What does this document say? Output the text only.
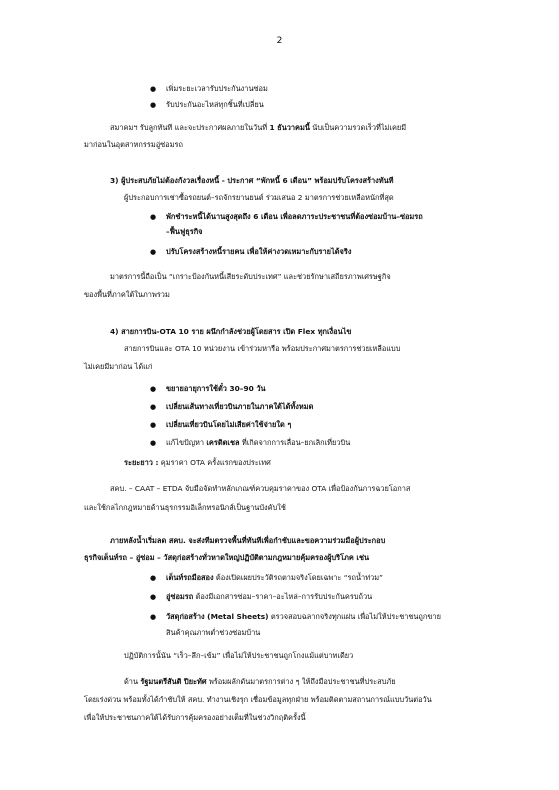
2
●
เพิ่มระยะเวลารับประกันงานซ่อม
●
รับประกันอะไหล่ทุกชิ้นที่เปลี่ยน
สมาคมฯ รับลูกทันที และจะประกาศผลภายในวันที่ 1 ธันวาคมนี้ นับเป็นความรวดเร็วที่ไม่เคยมี
มาก่อนในอุตสาหกรรมอู่ซ่อมรถ
3) ผู้ประสบภัยไม่ต้องกังวลเรื่องหนี้ - ประกาศ “พักหนี้ 6 เดือน” พร้อมปรับโครงสร้างทันที
ผู้ประกอบการเช่าซื้อรถยนต์–รถจักรยานยนต์ ร่วมเสนอ 2 มาตรการช่วยเหลือหนักที่สุด
●
พักชำระหนี้ได้นานสูงสุดถึง 6 เดือน เพื่อลดภาระประชาชนที่ต้องซ่อมบ้าน–ซ่อมรถ
–ฟื้นฟูธุรกิจ
●
ปรับโครงสร้างหนี้รายคน เพื่อให้ค่างวดเหมาะกับรายได้จริง
มาตรการนี้ถือเป็น “เกราะป้องกันหนี้เสียระดับประเทศ” และช่วยรักษาเสถียรภาพเศรษฐกิจ
ของพื้นที่ภาคใต้ในภาพรวม
4) สายการบิน-OTA 10 ราย ผนึกกำลังช่วยผู้โดยสาร เปิด Flex ทุกเงื่อนไข
สายการบินและ OTA 10 หน่วยงาน เข้าร่วมหารือ พร้อมประกาศมาตรการช่วยเหลือแบบ
ไม่เคยมีมาก่อน ได้แก่
●
ขยายอายุการใช้ตั๋ว 30–90 วัน
●
เปลี่ยนเส้นทางเที่ยวบินภายในภาคใต้ได้ทั้งหมด
●
เปลี่ยนเที่ยวบินโดยไม่เสียค่าใช้จ่ายใด ๆ
●
แก้ไขปัญหา เครดิตเชล ที่เกิดจากการเลื่อน–ยกเลิกเที่ยวบิน
ระยะยาว : คุมราคา OTA ครั้งแรกของประเทศ
สคบ. – CAAT – ETDA จับมือจัดทำหลักเกณฑ์ควบคุมราคาของ OTA เพื่อป้องกันการฉวยโอกาส
และใช้กลไกกฎหมายด้านธุรกรรมอิเล็กทรอนิกส์เป็นฐานบังคับใช้
ภายหลังน้ำเริ่มลด สคบ. จะส่งทีมตรวจพื้นที่ทันทีเพื่อกำชับและขอความร่วมมือผู้ประกอบ
ธุรกิจเต็นท์รถ – อู่ซ่อม – วัสดุก่อสร้างทั่วหาดใหญ่ปฏิบัติตามกฎหมายคุ้มครองผู้บริโภค เช่น
●
เต็นท์รถมือสอง ต้องเปิดเผยประวัติรถตามจริงโดยเฉพาะ “รถน้ำท่วม”
●
อู่ซ่อมรถ ต้องมีเอกสารซ่อม–ราคา–อะไหล่–การรับประกันครบถ้วน
●
วัสดุก่อสร้าง (Metal Sheets) ตรวจสอบฉลากจริงทุกแผ่น เพื่อไม่ให้ประชาชนถูกขาย
สินค้าคุณภาพต่ำช่วงซ่อมบ้าน
ปฏิบัติการนั้นัน “เร็ว–ลึก–เข้ม” เพื่อไม่ให้ประชาชนถูกโกงแม้แต่บาทเดียว
ด้าน รัฐมนตรีสันติ ปิยะทัศ พร้อมผลักดันมาตรการต่าง ๆ ให้ถึงมือประชาชนที่ประสบภัย
โดยเร่งด่วน พร้อมทั้งได้กำชับให้ สคบ. ทำงานเชิงรุก เชื่อมข้อมูลทุกฝ่าย พร้อมติดตามสถานการณ์แบบวันต่อวัน
เพื่อให้ประชาชนภาคใต้ได้รับการคุ้มครองอย่างเต็มที่ในช่วงวิกฤติครั้งนี้
